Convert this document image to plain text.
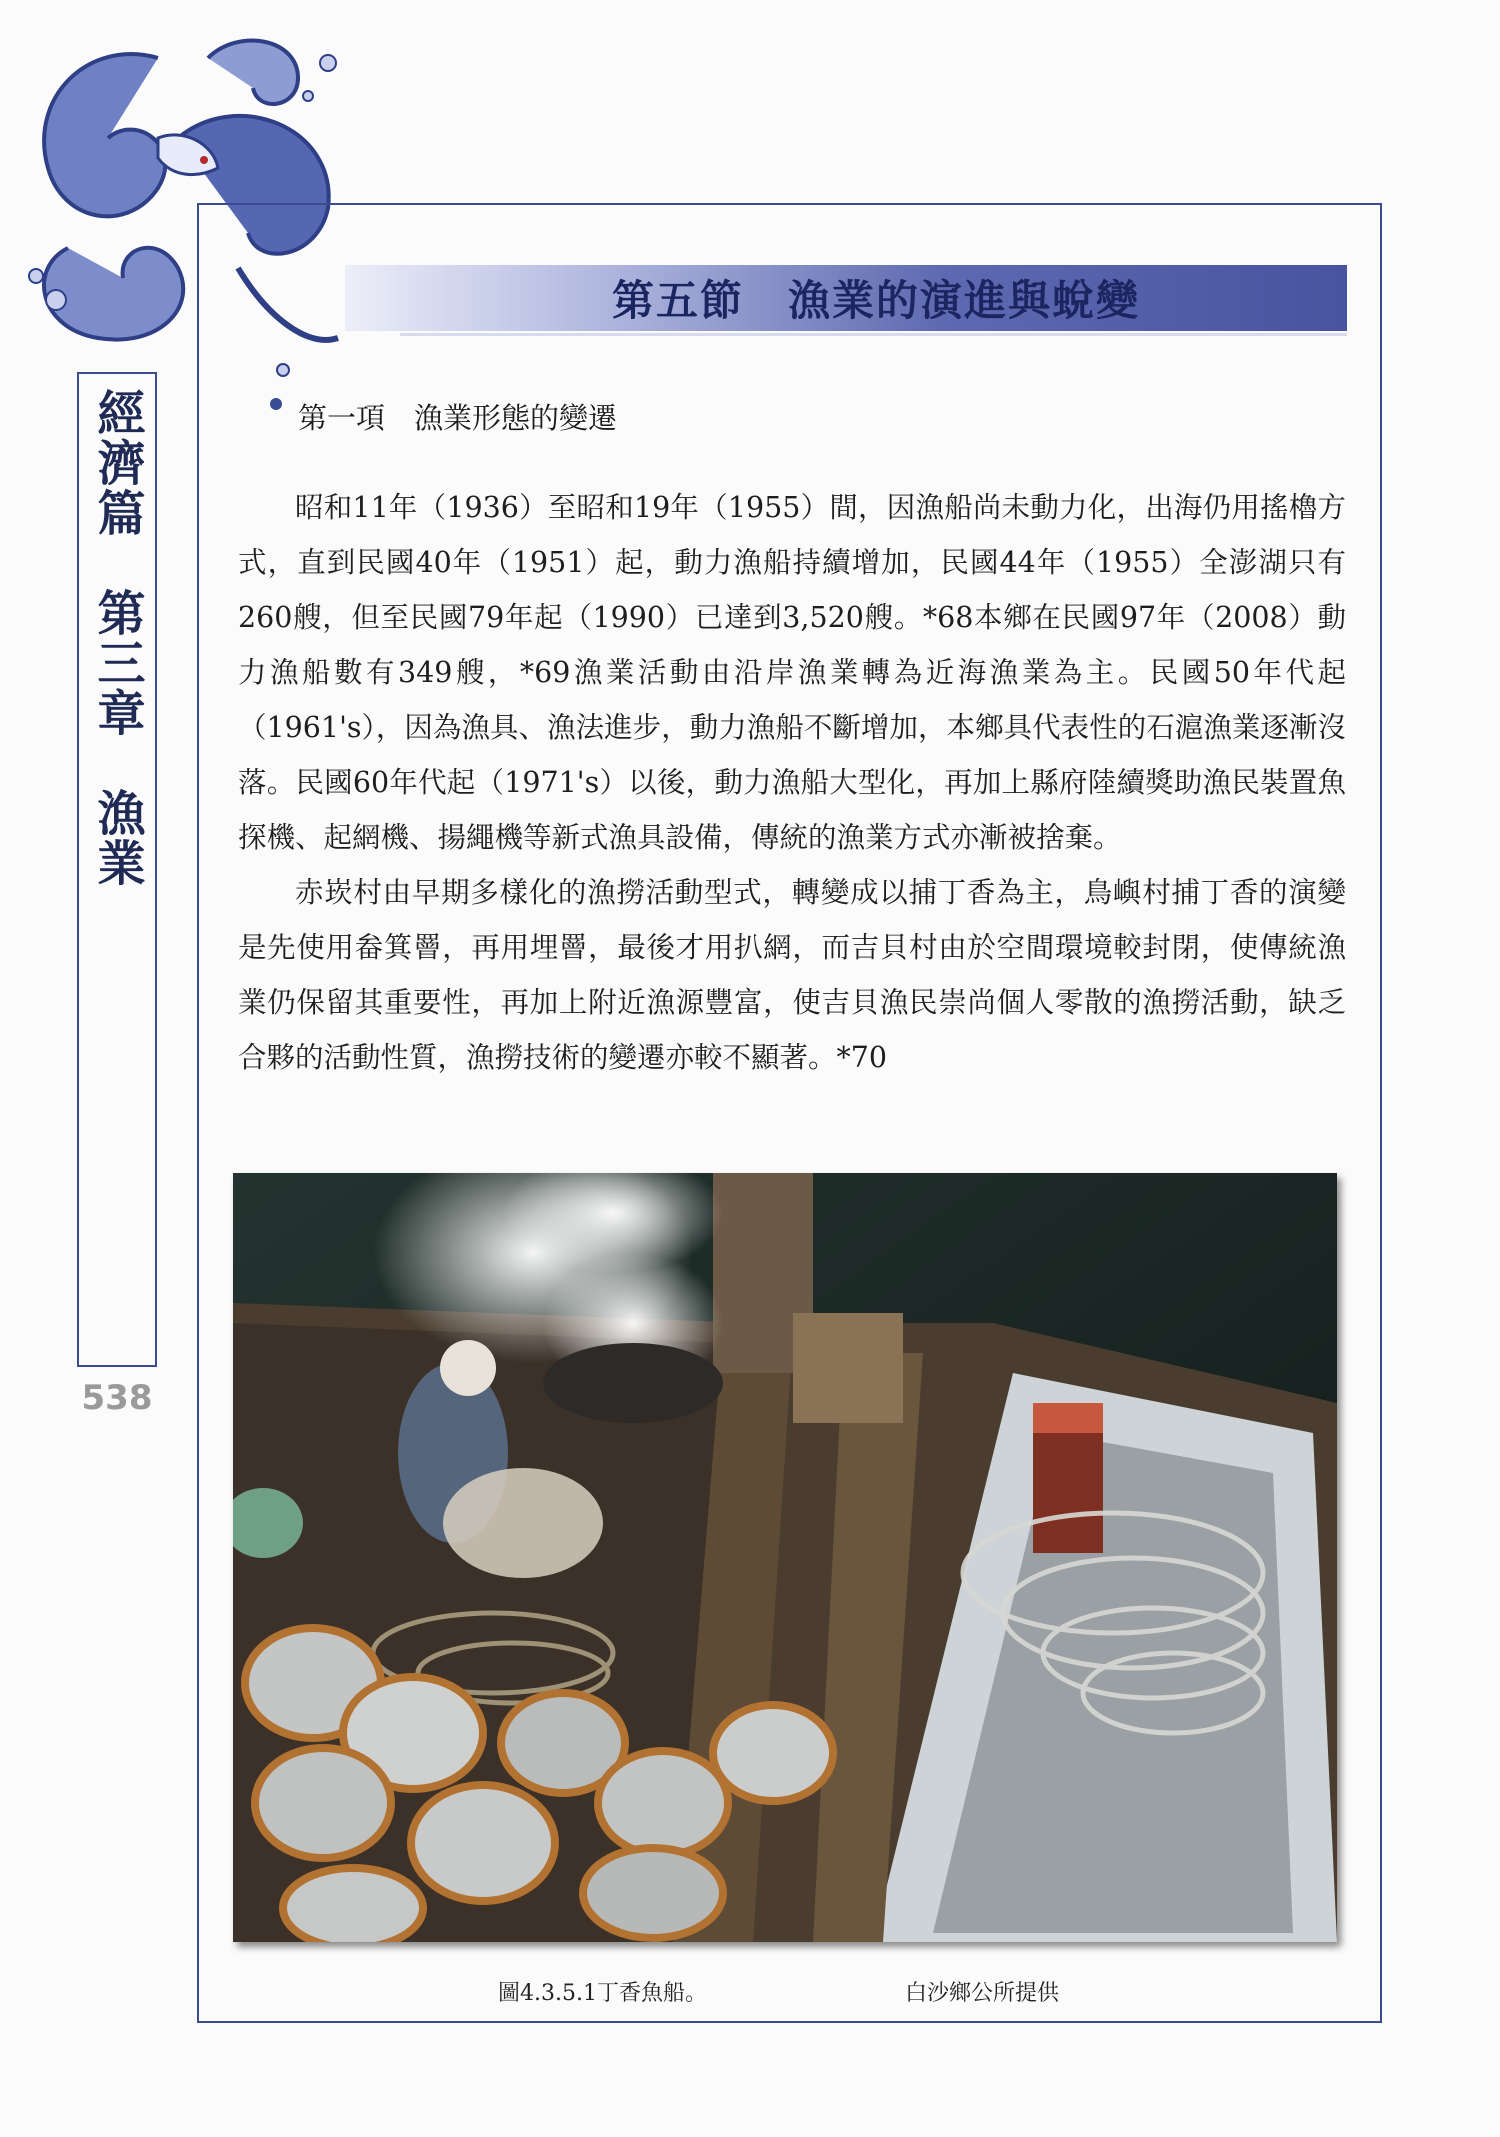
經濟篇　第三章　漁業
538
第五節　漁業的演進與蛻變
第一項　漁業形態的變遷

昭和11年（1936）至昭和19年（1955）間，因漁船尚未動力化，出海仍用搖櫓方式，直到民國40年（1951）起，動力漁船持續增加，民國44年（1955）全澎湖只有260艘，但至民國79年起（1990）已達到3,520艘。*68本鄉在民國97年（2008）動力漁船數有349艘，*69漁業活動由沿岸漁業轉為近海漁業為主。民國50年代起（1961's），因為漁具、漁法進步，動力漁船不斷增加，本鄉具代表性的石滬漁業逐漸沒落。民國60年代起（1971's）以後，動力漁船大型化，再加上縣府陸續獎助漁民裝置魚探機、起網機、揚繩機等新式漁具設備，傳統的漁業方式亦漸被捨棄。

赤崁村由早期多樣化的漁撈活動型式，轉變成以捕丁香為主，鳥嶼村捕丁香的演變是先使用畚箕罾，再用埋罾，最後才用扒網，而吉貝村由於空間環境較封閉，使傳統漁業仍保留其重要性，再加上附近漁源豐富，使吉貝漁民崇尚個人零散的漁撈活動，缺乏合夥的活動性質，漁撈技術的變遷亦較不顯著。*70

圖4.3.5.1丁香魚船。	白沙鄉公所提供
